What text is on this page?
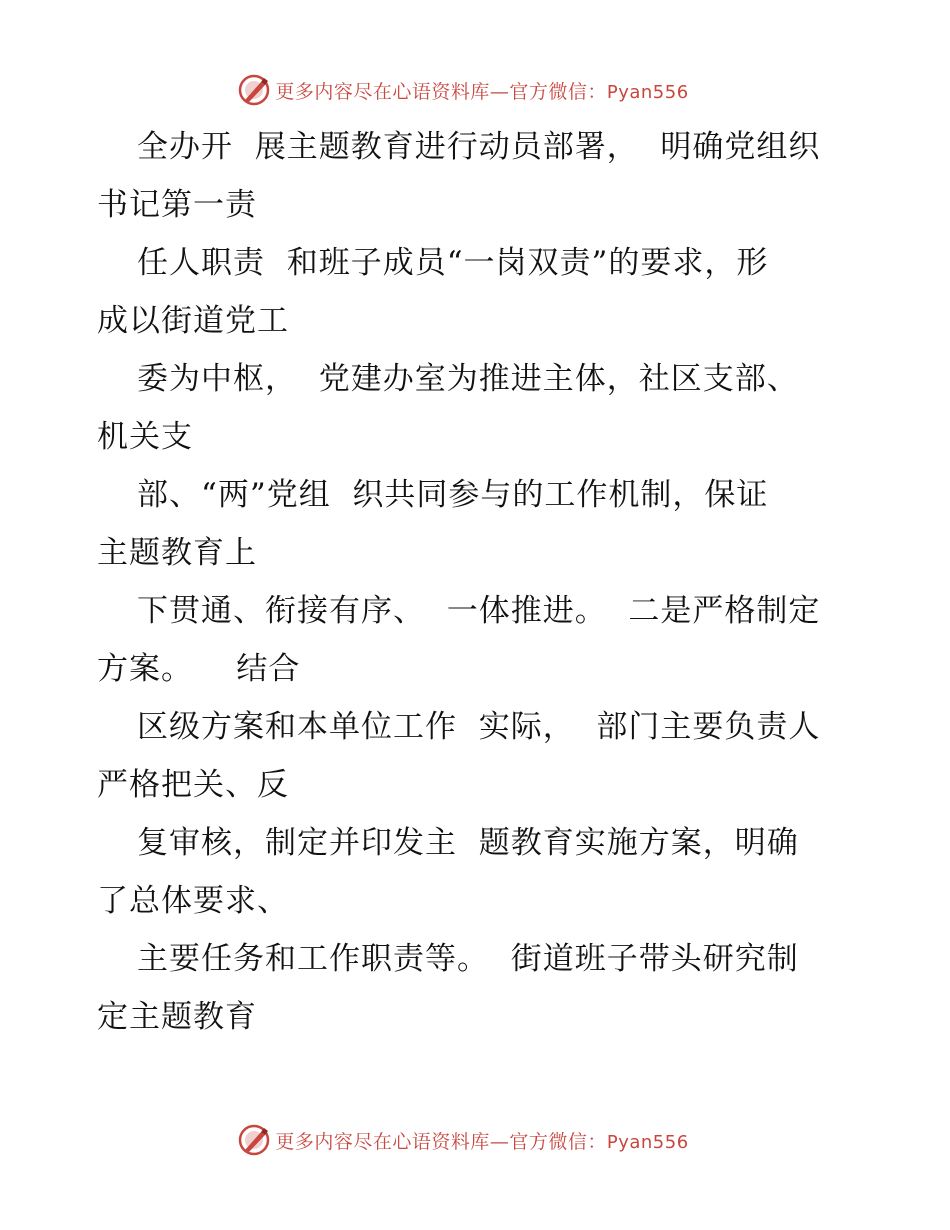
更多内容尽在心语资料库—官方微信：Pyan556
全办开  展主题教育进行动员部署，  明确党组织
书记第一责
任人职责  和班子成员“一岗双责”的要求，形
成以街道党工
委为中枢，  党建办室为推进主体，社区支部、
机关支
部、“两”党组  织共同参与的工作机制，保证
主题教育上
下贯通、衔接有序、  一体推进。  二是严格制定
方案。    结合
区级方案和本单位工作  实际，  部门主要负责人
严格把关、反
复审核，制定并印发主  题教育实施方案，明确
了总体要求、
主要任务和工作职责等。  街道班子带头研究制
定主题教育
更多内容尽在心语资料库—官方微信：Pyan556
